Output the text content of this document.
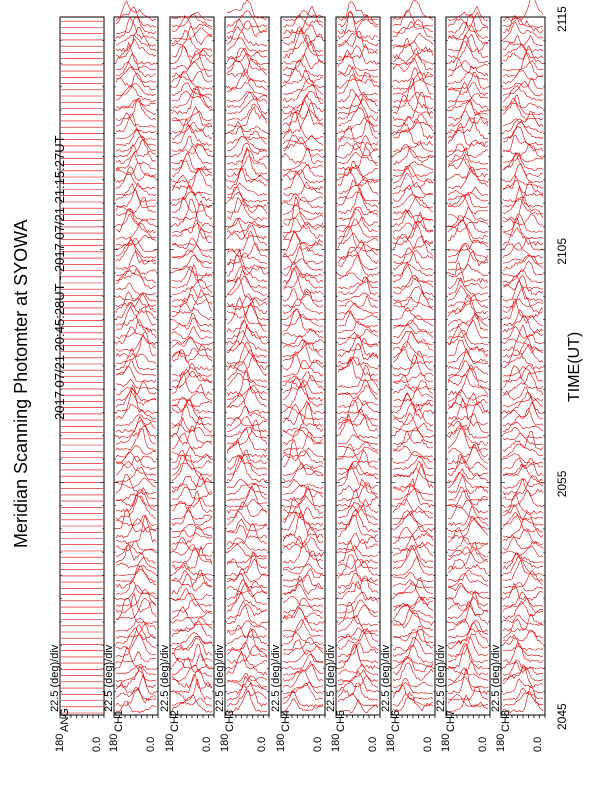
Meridian Scanning Photomter at SYOWA 2017 07/21 20:45:28UT - 2017 07/21 21:15:27UT	TIME(UT)
22.5 (deg)/div
ANG
180 0.0
22.5 (deg)/div
CH1
180 0.0
22.5 (deg)/div
CH2
180 0.0
22.5 (deg)/div
CH3
180 0.0
22.5 (deg)/div
CH4
180 0.0
22.5 (deg)/div
CH5
180 0.0
22.5 (deg)/div
CH6
180 0.0
22.5 (deg)/div
CH7
180 0.0
22.5 (deg)/div
CH8
180 0.0
2045
2055
2105
2115
